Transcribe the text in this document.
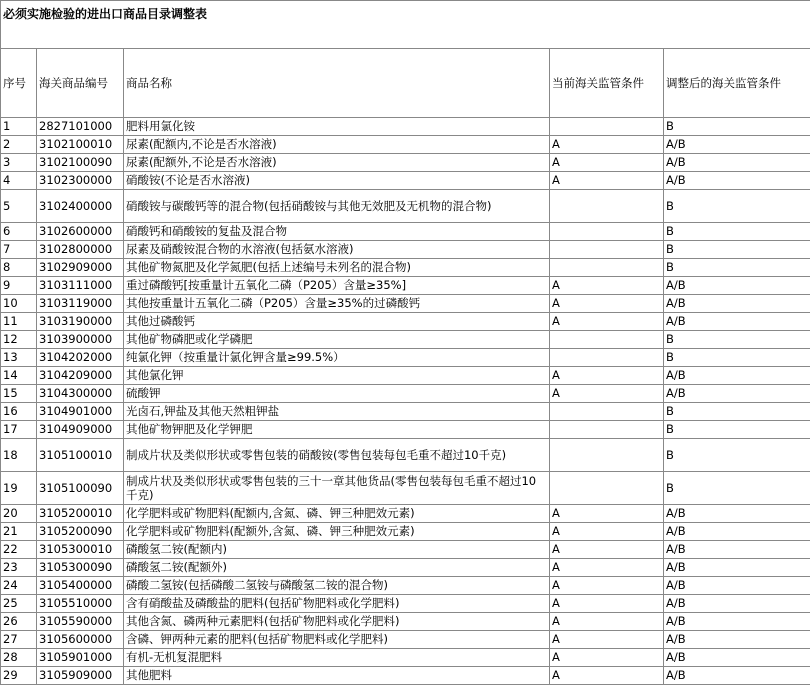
必须实施检验的进出口商品目录调整表				
序号	海关商品编号	商品名称	当前海关监管条件	调整后的海关监管条件
1	2827101000	肥料用氯化铵		B
2	3102100010	尿素(配额内,不论是否水溶液)	A	A/B
3	3102100090	尿素(配额外,不论是否水溶液)	A	A/B
4	3102300000	硝酸铵(不论是否水溶液)	A	A/B
5	3102400000	硝酸铵与碳酸钙等的混合物(包括硝酸铵与其他无效肥及无机物的混合物)		B
6	3102600000	硝酸钙和硝酸铵的复盐及混合物		B
7	3102800000	尿素及硝酸铵混合物的水溶液(包括氨水溶液)		B
8	3102909000	其他矿物氮肥及化学氮肥(包括上述编号未列名的混合物)		B
9	3103111000	重过磷酸钙[按重量计五氧化二磷（P205）含量≥35%]	A	A/B
10	3103119000	其他按重量计五氧化二磷（P205）含量≥35%的过磷酸钙	A	A/B
11	3103190000	其他过磷酸钙	A	A/B
12	3103900000	其他矿物磷肥或化学磷肥		B
13	3104202000	纯氯化钾（按重量计氯化钾含量≥99.5%）		B
14	3104209000	其他氯化钾	A	A/B
15	3104300000	硫酸钾	A	A/B
16	3104901000	光卤石,钾盐及其他天然粗钾盐		B
17	3104909000	其他矿物钾肥及化学钾肥		B
18	3105100010	制成片状及类似形状或零售包装的硝酸铵(零售包装每包毛重不超过10千克)		B
19	3105100090	制成片状及类似形状或零售包装的三十一章其他货品(零售包装每包毛重不超过10千克)		B
20	3105200010	化学肥料或矿物肥料(配额内,含氮、磷、钾三种肥效元素)	A	A/B
21	3105200090	化学肥料或矿物肥料(配额外,含氮、磷、钾三种肥效元素)	A	A/B
22	3105300010	磷酸氢二铵(配额内)	A	A/B
23	3105300090	磷酸氢二铵(配额外)	A	A/B
24	3105400000	磷酸二氢铵(包括磷酸二氢铵与磷酸氢二铵的混合物)	A	A/B
25	3105510000	含有硝酸盐及磷酸盐的肥料(包括矿物肥料或化学肥料)	A	A/B
26	3105590000	其他含氮、磷两种元素肥料(包括矿物肥料或化学肥料)	A	A/B
27	3105600000	含磷、钾两种元素的肥料(包括矿物肥料或化学肥料)	A	A/B
28	3105901000	有机-无机复混肥料	A	A/B
29	3105909000	其他肥料	A	A/B
